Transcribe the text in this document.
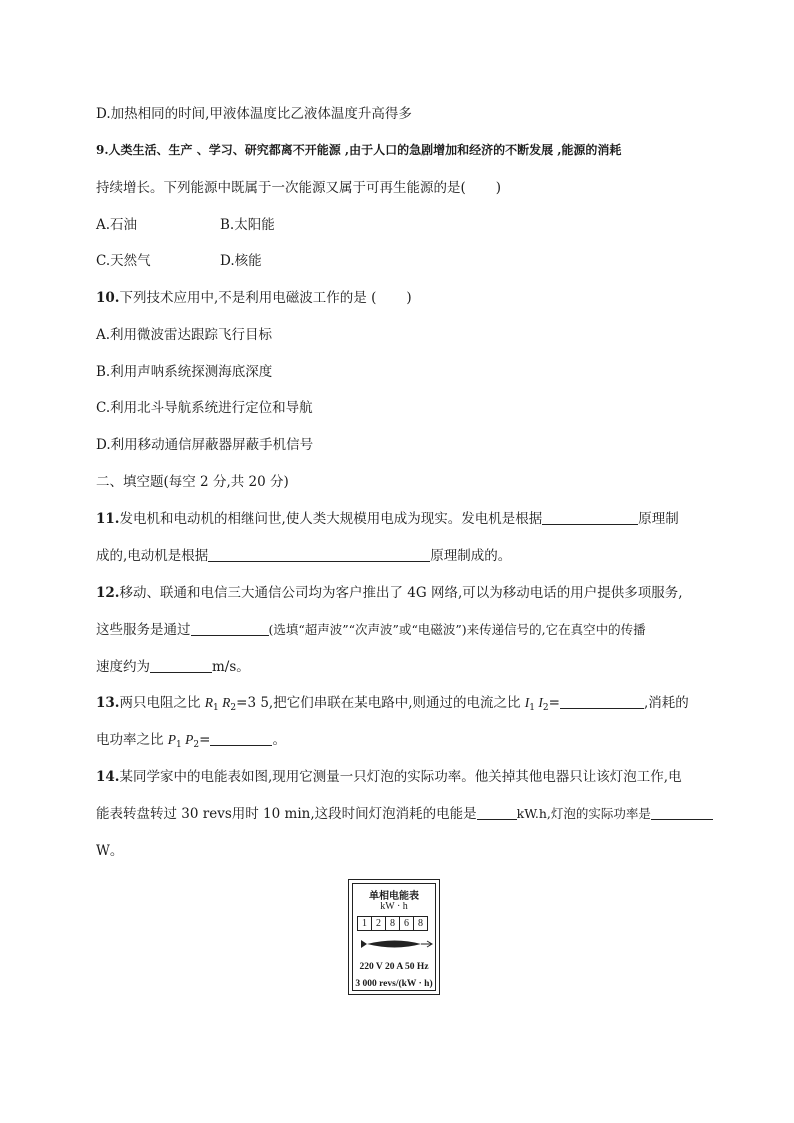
D.加热相同的时间,甲液体温度比乙液体温度升高得多
9.人类生活、生产 、学习、研究都离不开能源 ,由于人口的急剧增加和经济的不断发展 ,能源的消耗
持续增长。下列能源中既属于一次能源又属于可再生能源的是( )
A.石油	B.太阳能
C.天然气	D.核能
10.下列技术应用中,不是利用电磁波工作的是 ( )
A.利用微波雷达跟踪飞行目标
B.利用声呐系统探测海底深度
C.利用北斗导航系统进行定位和导航
D.利用移动通信屏蔽器屏蔽手机信号
二、填空题(每空 2 分,共 20 分)
11.发电机和电动机的相继问世,使人类大规模用电成为现实。发电机是根据	原理制
成的,电动机是根据	原理制成的。
12.移动、联通和电信三大通信公司均为客户推出了 4G 网络,可以为移动电话的用户提供多项服务,
这些服务是通过	(选填“超声波”“次声波”或“电磁波”)来传递信号的,它在真空中的传播
速度约为	m/s。
13.两只电阻之比 $R_1$ $R_2=3$ 5,把它们串联在某电路中,则通过的电流之比 $I_1$ $I_2=$	,消耗的
电功率之比 $P_1$ $P_2=$	。
14.某同学家中的电能表如图,现用它测量一只灯泡的实际功率。他关掉其他电器只让该灯泡工作,电
能表转盘转过 30 revs用时 10 min,这段时间灯泡消耗的电能是	kW.h,灯泡的实际功率是
W。
单相电能表
kW · h
1 2 8 6 8
220 V 20 A 50 Hz
3 000 revs/(kW · h)
